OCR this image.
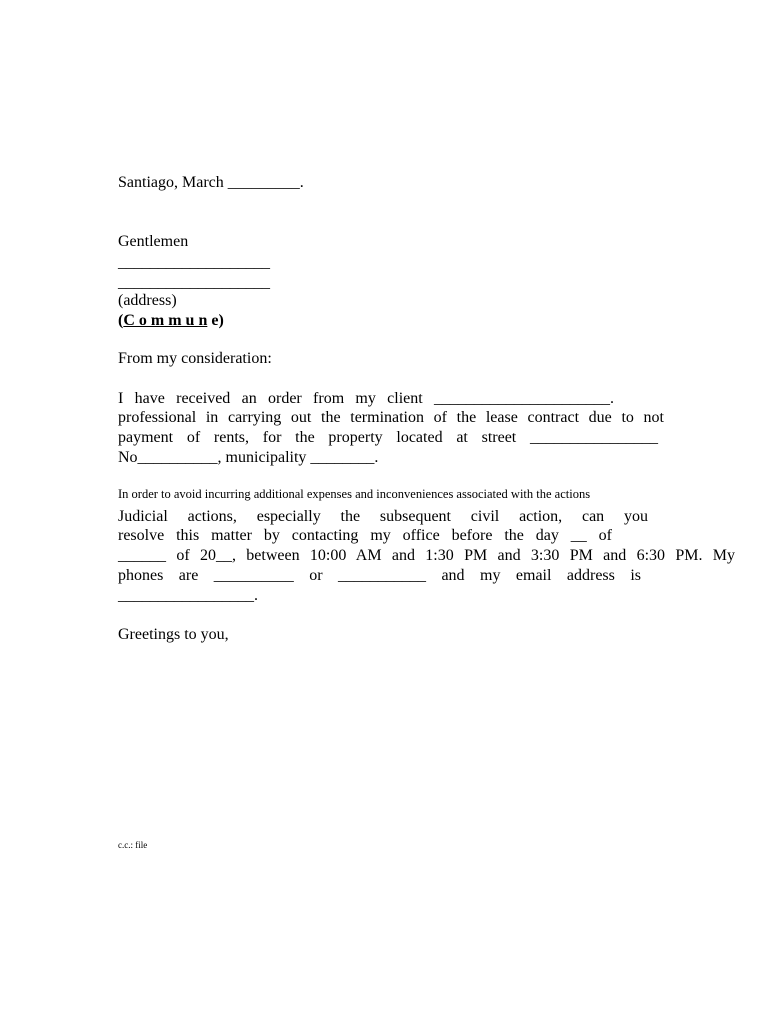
Santiago, March _________.
Gentlemen
___________________
___________________
(address)
(C o m m u n e)
From my consideration:
I have received an order from my client ______________________.
professional in carrying out the termination of the lease contract due to not
payment of rents, for the property located at street ________________
No__________, municipality ________.
In order to avoid incurring additional expenses and inconveniences associated with the actions
Judicial actions, especially the subsequent civil action, can you
resolve this matter by contacting my office before the day __ of
______ of 20__, between 10:00 AM and 1:30 PM and 3:30 PM and 6:30 PM. My
phones are __________ or ___________ and my email address is
_________________.
Greetings to you,
c.c.: file
